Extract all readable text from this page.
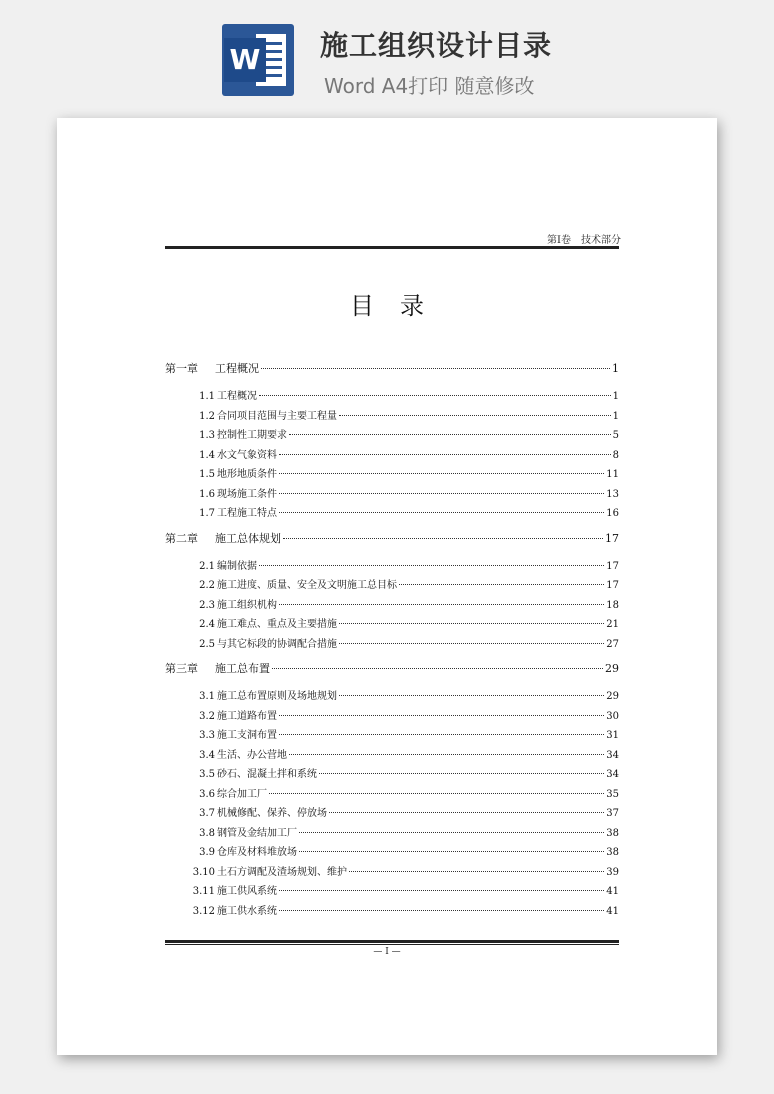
W 施工组织设计目录
Word A4打印 随意修改
第Ⅰ卷　技术部分
目录
第一章	工程概况	1
1.1 工程概况	1
1.2 合同项目范围与主要工程量	1
1.3 控制性工期要求	5
1.4 水文气象资料	8
1.5 地形地质条件	11
1.6 现场施工条件	13
1.7 工程施工特点	16
第二章	施工总体规划	17
2.1 编制依据	17
2.2 施工进度、质量、安全及文明施工总目标	17
2.3 施工组织机构	18
2.4 施工难点、重点及主要措施	21
2.5 与其它标段的协调配合措施	27
第三章	施工总布置	29
3.1 施工总布置原则及场地规划	29
3.2 施工道路布置	30
3.3 施工支洞布置	31
3.4 生活、办公营地	34
3.5 砂石、混凝土拌和系统	34
3.6 综合加工厂	35
3.7 机械修配、保养、停放场	37
3.8 钢管及金结加工厂	38
3.9 仓库及材料堆放场	38
3.10 土石方调配及渣场规划、维护	39
3.11 施工供风系统	41
3.12 施工供水系统	41
— I —
